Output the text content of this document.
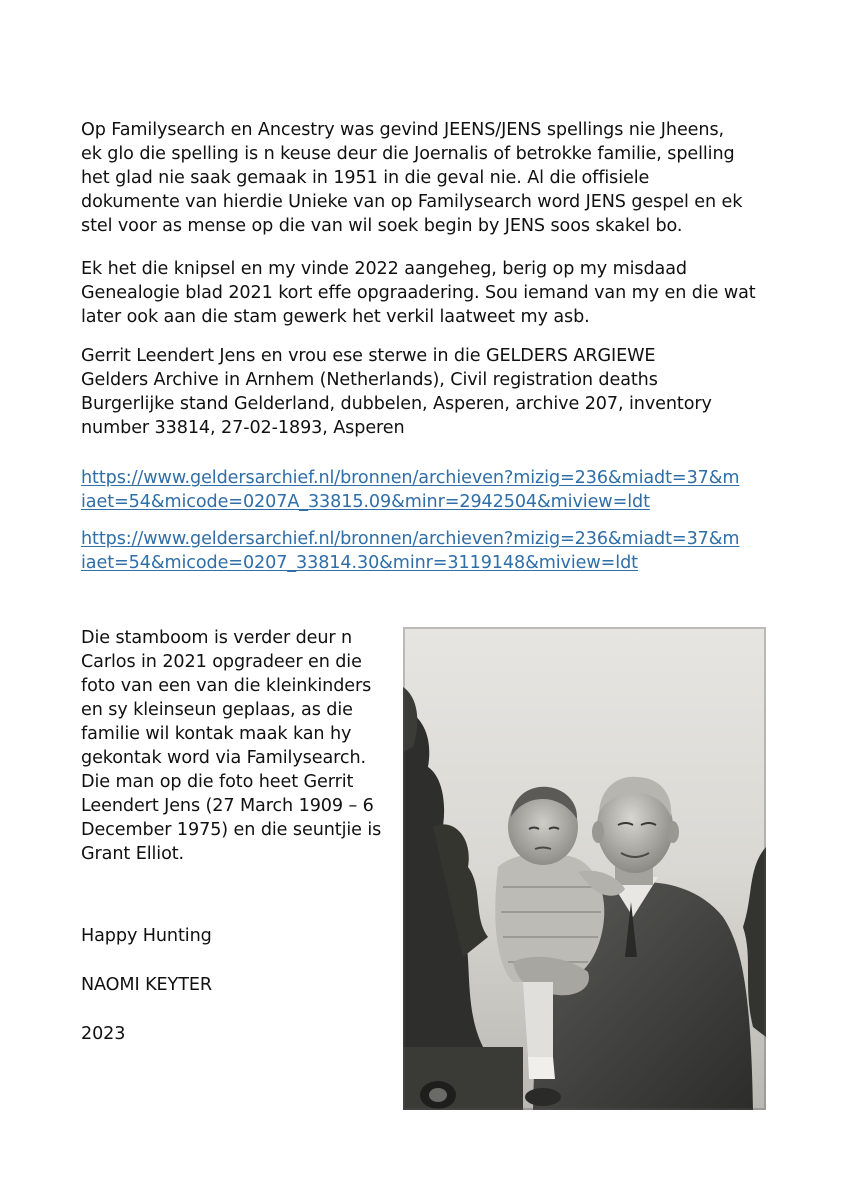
Op Familysearch en Ancestry was gevind JEENS/JENS spellings nie Jheens,
ek glo die spelling is n keuse deur die Joernalis of betrokke familie, spelling
het glad nie saak gemaak in 1951 in die geval nie. Al die offisiele
dokumente van hierdie Unieke van op Familysearch word JENS gespel en ek
stel voor as mense op die van wil soek begin by JENS soos skakel bo.

Ek het die knipsel en my vinde 2022 aangeheg, berig op my misdaad
Genealogie blad 2021 kort effe opgraadering. Sou iemand van my en die wat
later ook aan die stam gewerk het verkil laatweet my asb.

Gerrit Leendert Jens en vrou ese sterwe in die GELDERS ARGIEWE
Gelders Archive in Arnhem (Netherlands), Civil registration deaths
Burgerlijke stand Gelderland, dubbelen, Asperen, archive 207, inventory
number 33814, 27-02-1893, Asperen

https://www.geldersarchief.nl/bronnen/archieven?mizig=236&miadt=37&m
iaet=54&micode=0207A_33815.09&minr=2942504&miview=ldt

https://www.geldersarchief.nl/bronnen/archieven?mizig=236&miadt=37&m
iaet=54&micode=0207_33814.30&minr=3119148&miview=ldt

Die stamboom is verder deur n
Carlos in 2021 opgradeer en die
foto van een van die kleinkinders
en sy kleinseun geplaas, as die
familie wil kontak maak kan hy
gekontak word via Familysearch.
Die man op die foto heet Gerrit
Leendert Jens (27 March 1909 – 6
December 1975) en die seuntjie is
Grant Elliot.

Happy Hunting

NAOMI KEYTER

2023
